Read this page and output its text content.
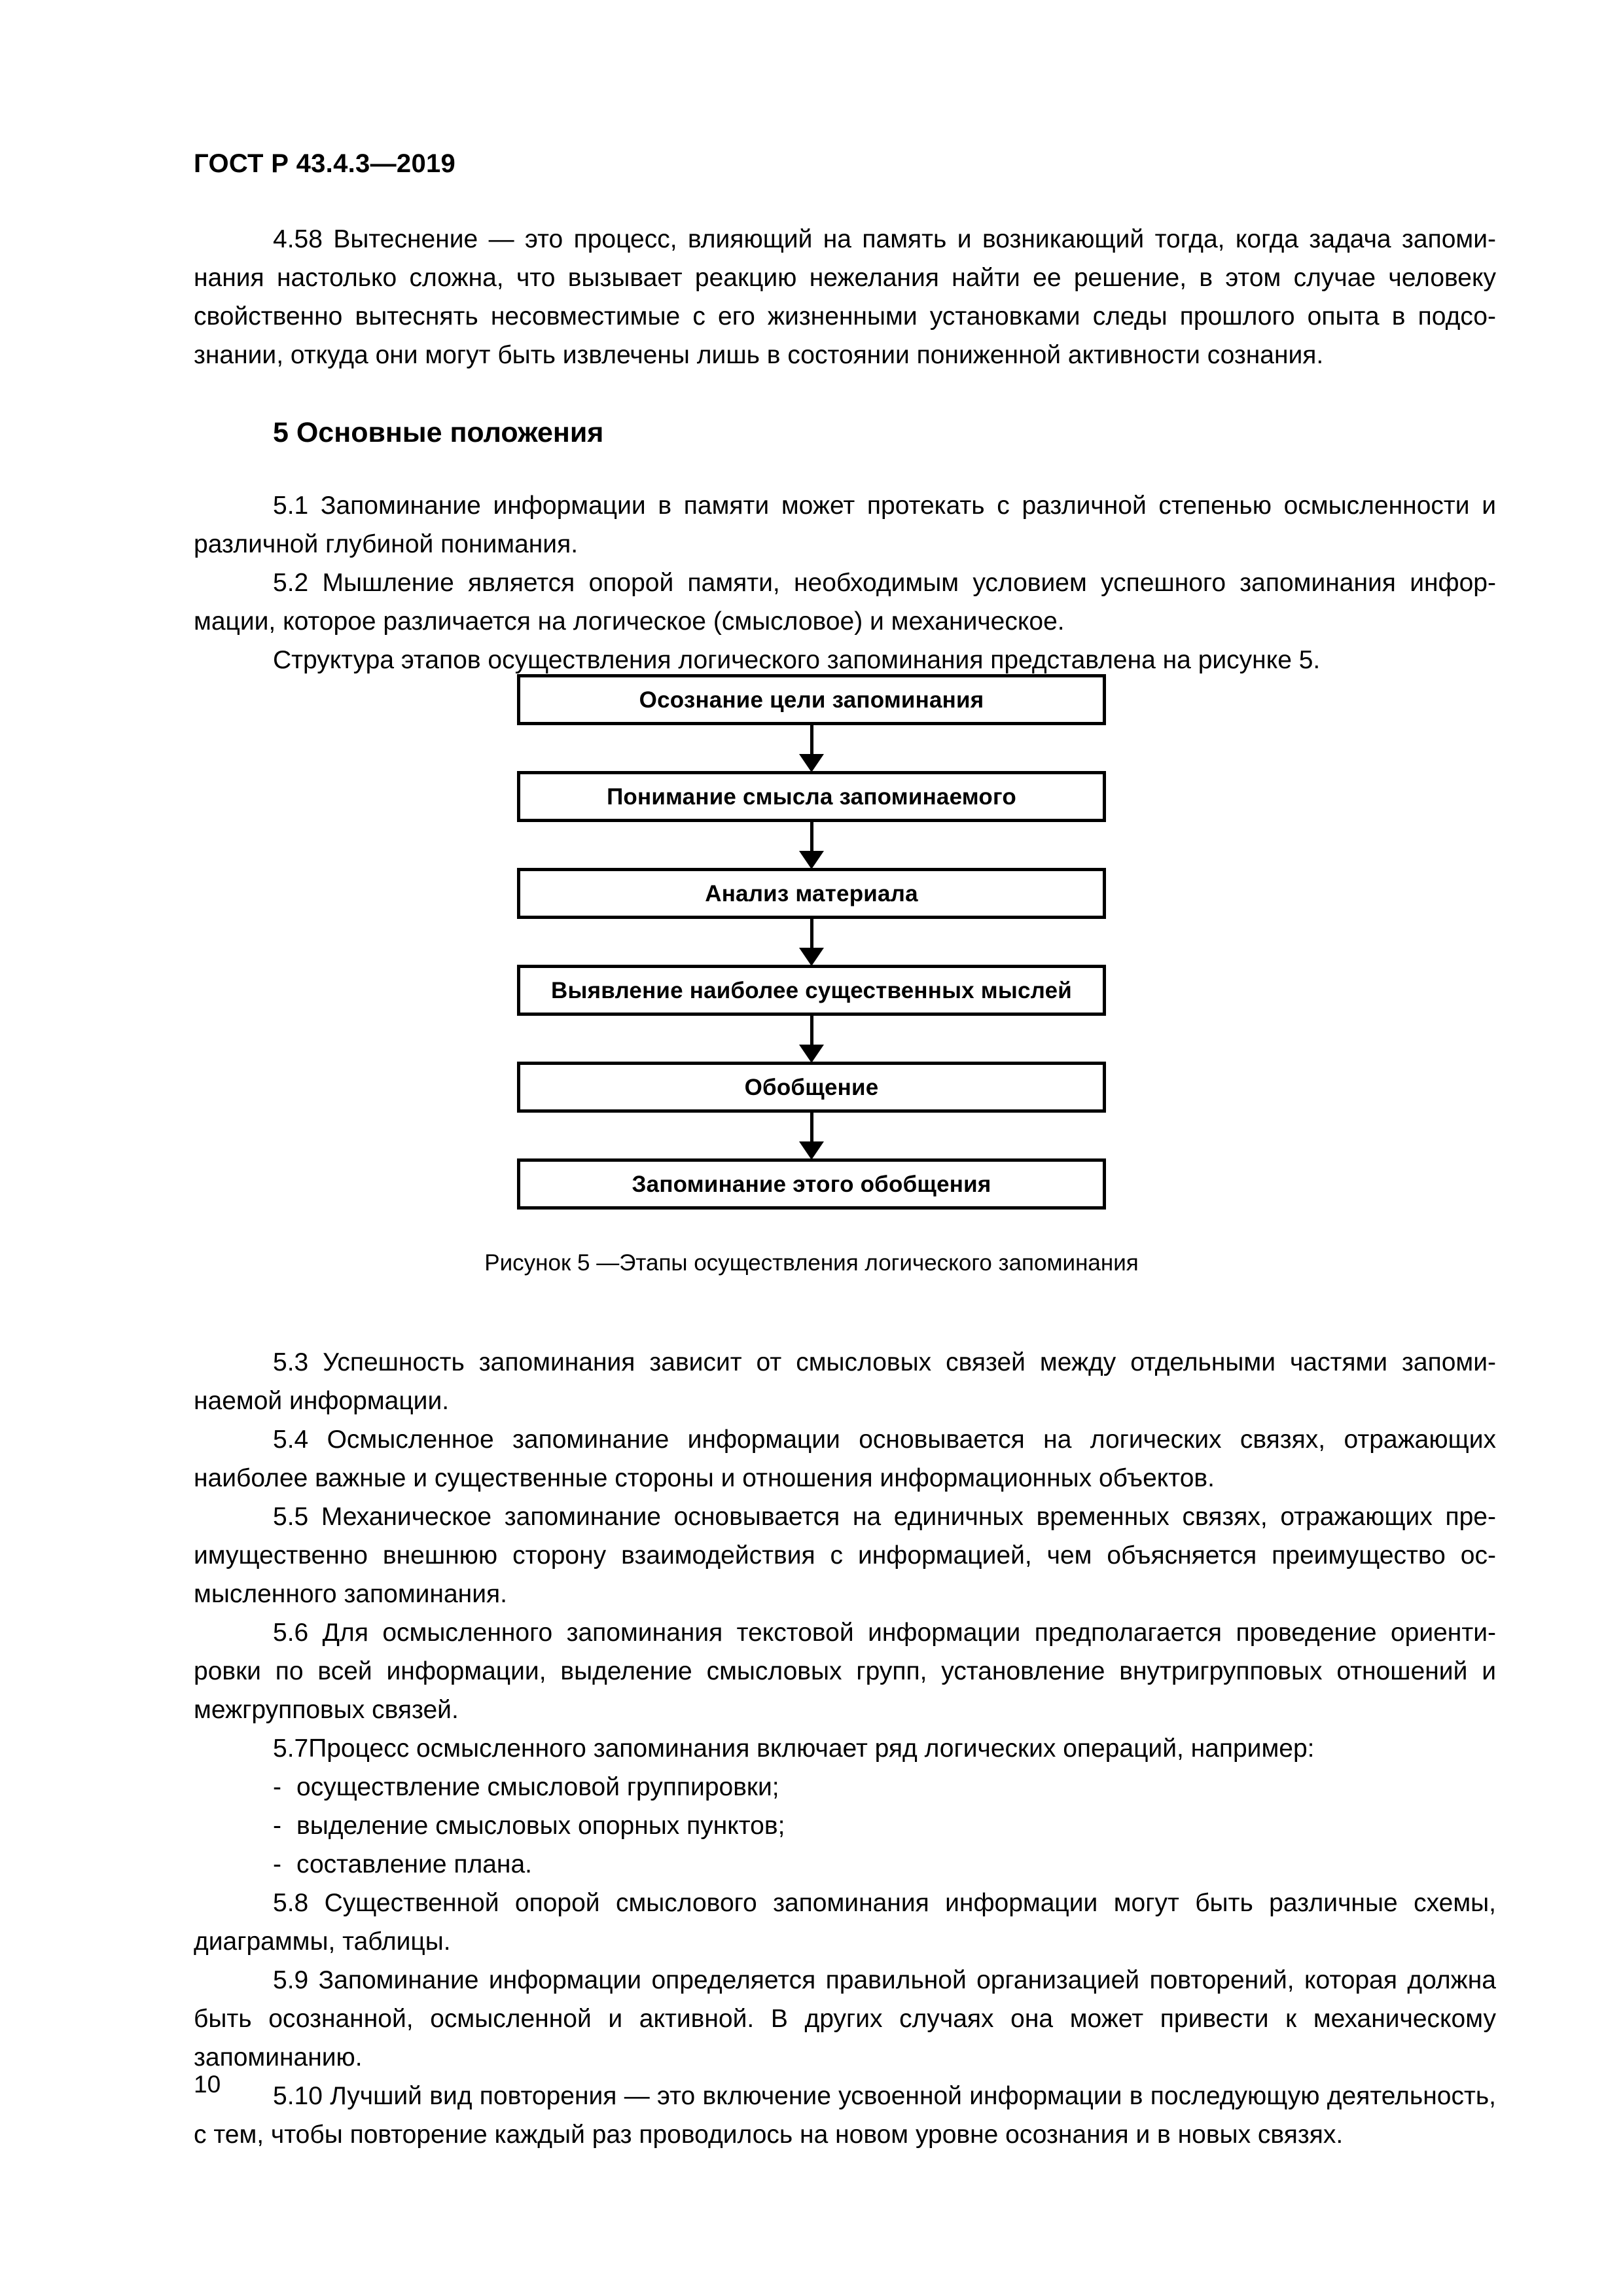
ГОСТ Р 43.4.3—2019

4.58 Вытеснение — это процесс, влияющий на память и возникающий тогда, когда задача запоминания настолько сложна, что вызывает реакцию нежелания найти ее решение, в этом случае человеку свойственно вытеснять несовместимые с его жизненными установками следы прошлого опыта в подсознании, откуда они могут быть извлечены лишь в состоянии пониженной активности сознания.

5 Основные положения

5.1 Запоминание информации в памяти может протекать с различной степенью осмысленности и различной глубиной понимания.

5.2 Мышление является опорой памяти, необходимым условием успешного запоминания информации, которое различается на логическое (смысловое) и механическое.

Структура этапов осуществления логического запоминания представлена на рисунке 5.

Осознание цели запоминания
Понимание смысла запоминаемого
Анализ материала
Выявление наиболее существенных мыслей
Обобщение
Запоминание этого обобщения
Рисунок 5 —Этапы осуществления логического запоминания

5.3 Успешность запоминания зависит от смысловых связей между отдельными частями запоминаемой информации.

5.4 Осмысленное запоминание информации основывается на логических связях, отражающих наиболее важные и существенные стороны и отношения информационных объектов.

5.5 Механическое запоминание основывается на единичных временных связях, отражающих преимущественно внешнюю сторону взаимодействия с информацией, чем объясняется преимущество осмысленного запоминания.

5.6 Для осмысленного запоминания текстовой информации предполагается проведение ориентировки по всей информации, выделение смысловых групп, установление внутригрупповых отношений и межгрупповых связей.

5.7Процесс осмысленного запоминания включает ряд логических операций, например:

- осуществление смысловой группировки;
- выделение смысловых опорных пунктов;
- составление плана.

5.8 Существенной опорой смыслового запоминания информации могут быть различные схемы, диаграммы, таблицы.

5.9 Запоминание информации определяется правильной организацией повторений, которая должна быть осознанной, осмысленной и активной. В других случаях она может привести к механическому запоминанию.

5.10 Лучший вид повторения — это включение усвоенной информации в последующую деятельность, с тем, чтобы повторение каждый раз проводилось на новом уровне осознания и в новых связях.

10
